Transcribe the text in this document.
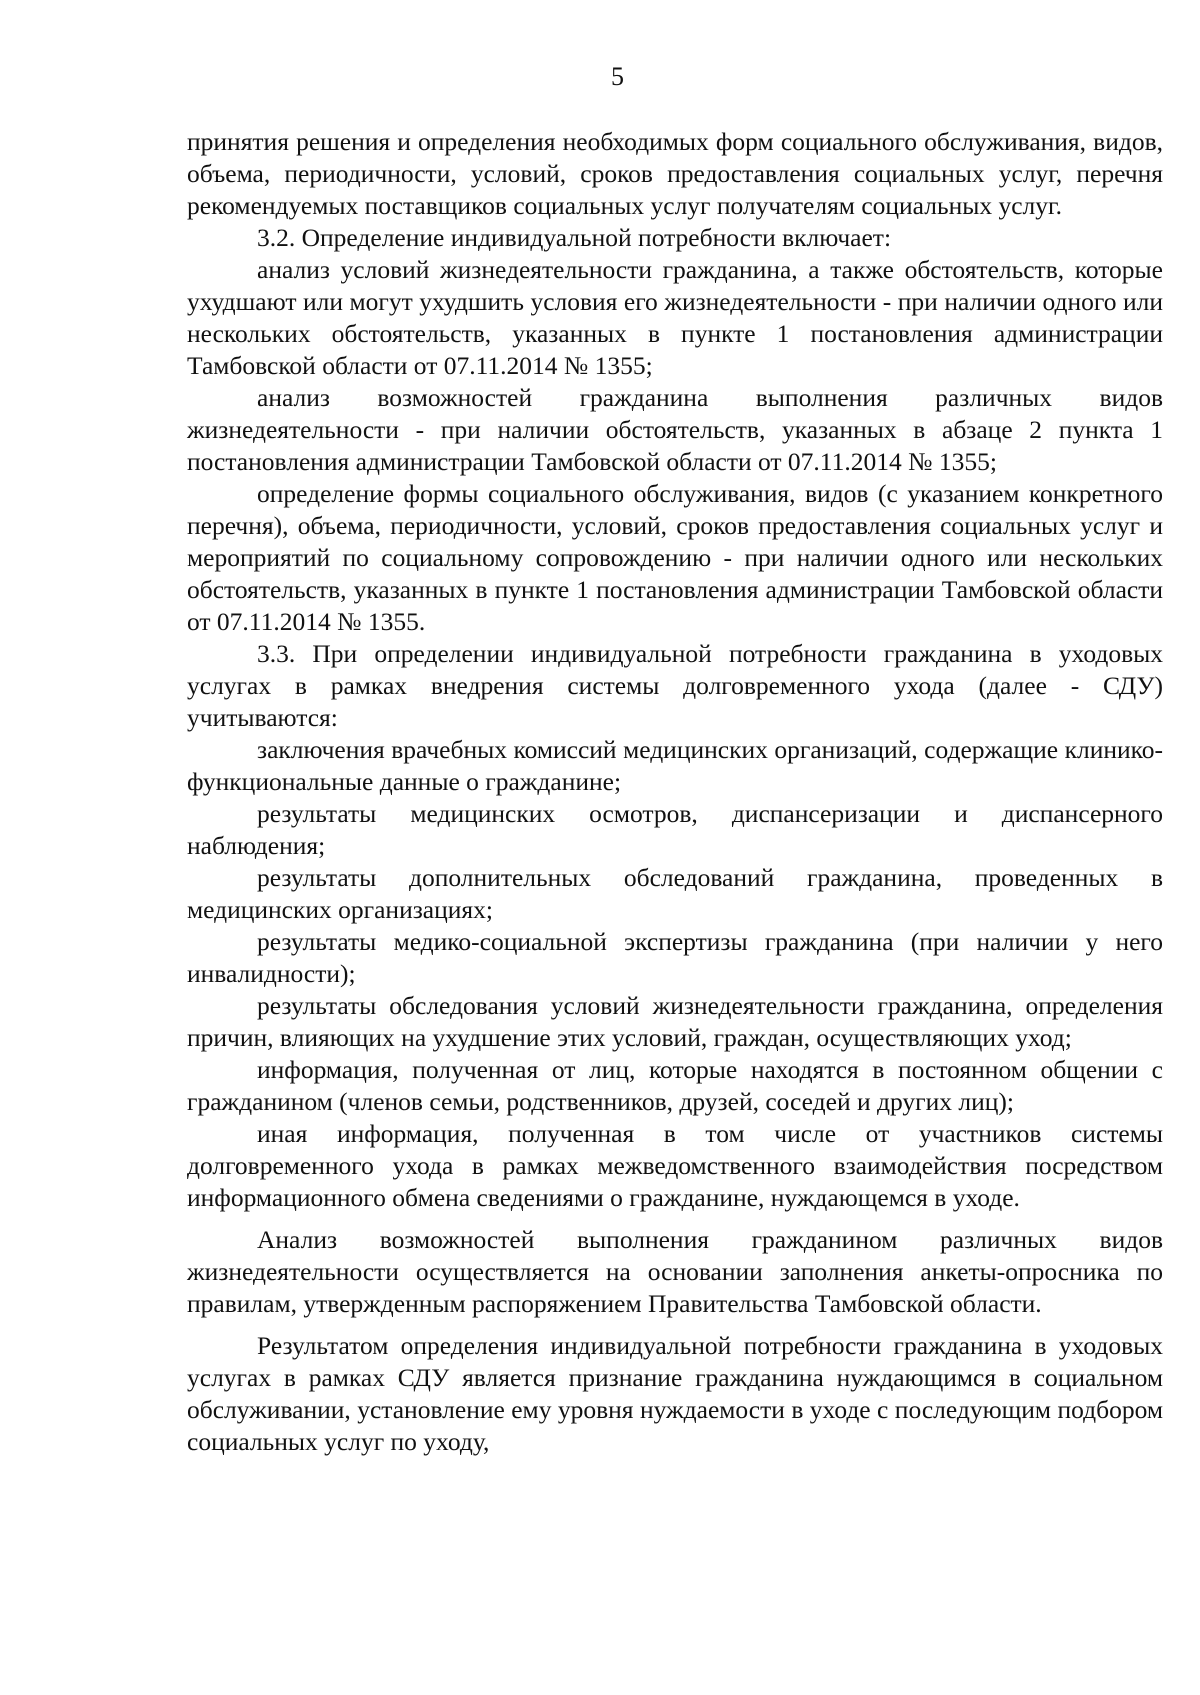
5

принятия решения и определения необходимых форм социального обслуживания, видов, объема, периодичности, условий, сроков предоставления социальных услуг, перечня рекомендуемых поставщиков социальных услуг получателям социальных услуг.

3.2. Определение индивидуальной потребности включает:

анализ условий жизнедеятельности гражданина, а также обстоятельств, которые ухудшают или могут ухудшить условия его жизнедеятельности - при наличии одного или нескольких обстоятельств, указанных в пункте 1 постановления администрации Тамбовской области от 07.11.2014 № 1355;

анализ возможностей гражданина выполнения различных видов жизнедеятельности - при наличии обстоятельств, указанных в абзаце 2 пункта 1 постановления администрации Тамбовской области от 07.11.2014 № 1355;

определение формы социального обслуживания, видов (с указанием конкретного перечня), объема, периодичности, условий, сроков предоставления социальных услуг и мероприятий по социальному сопровождению - при наличии одного или нескольких обстоятельств, указанных в пункте 1 постановления администрации Тамбовской области от 07.11.2014 № 1355.

3.3. При определении индивидуальной потребности гражданина в уходовых услугах в рамках внедрения системы долговременного ухода (далее - СДУ) учитываются:

заключения врачебных комиссий медицинских организаций, содержащие клинико-функциональные данные о гражданине;

результаты медицинских осмотров, диспансеризации и диспансерного наблюдения;

результаты дополнительных обследований гражданина, проведенных в медицинских организациях;

результаты медико-социальной экспертизы гражданина (при наличии у него инвалидности);

результаты обследования условий жизнедеятельности гражданина, определения причин, влияющих на ухудшение этих условий, граждан, осуществляющих уход;

информация, полученная от лиц, которые находятся в постоянном общении с гражданином (членов семьи, родственников, друзей, соседей и других лиц);

иная информация, полученная в том числе от участников системы долговременного ухода в рамках межведомственного взаимодействия посредством информационного обмена сведениями о гражданине, нуждающемся в уходе.

Анализ возможностей выполнения гражданином различных видов жизнедеятельности осуществляется на основании заполнения анкеты-опросника по правилам, утвержденным распоряжением Правительства Тамбовской области.

Результатом определения индивидуальной потребности гражданина в уходовых услугах в рамках СДУ является признание гражданина нуждающимся в социальном обслуживании, установление ему уровня нуждаемости в уходе с последующим подбором социальных услуг по уходу,
